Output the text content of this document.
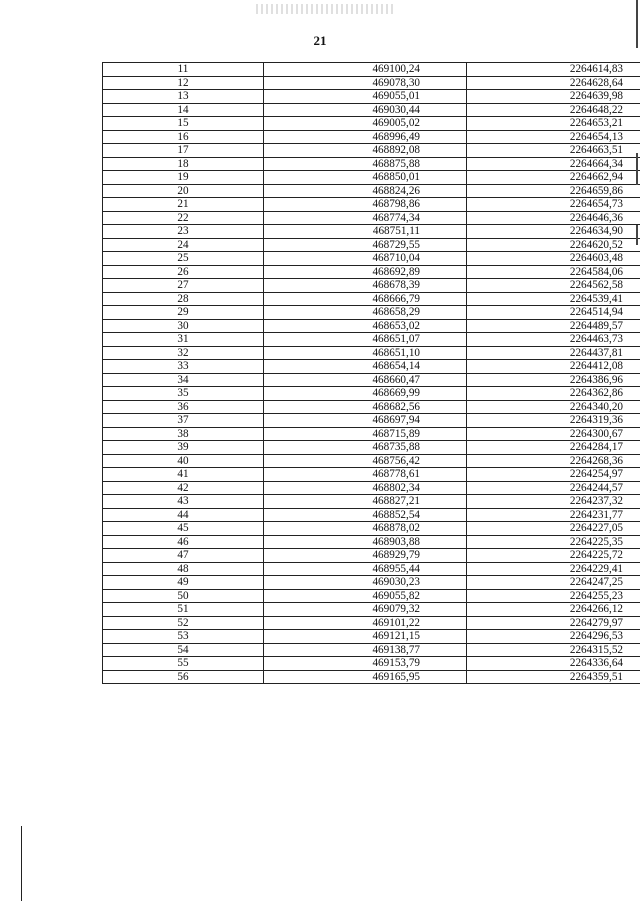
21
11	469100,24	2264614,83
12	469078,30	2264628,64
13	469055,01	2264639,98
14	469030,44	2264648,22
15	469005,02	2264653,21
16	468996,49	2264654,13
17	468892,08	2264663,51
18	468875,88	2264664,34
19	468850,01	2264662,94
20	468824,26	2264659,86
21	468798,86	2264654,73
22	468774,34	2264646,36
23	468751,11	2264634,90
24	468729,55	2264620,52
25	468710,04	2264603,48
26	468692,89	2264584,06
27	468678,39	2264562,58
28	468666,79	2264539,41
29	468658,29	2264514,94
30	468653,02	2264489,57
31	468651,07	2264463,73
32	468651,10	2264437,81
33	468654,14	2264412,08
34	468660,47	2264386,96
35	468669,99	2264362,86
36	468682,56	2264340,20
37	468697,94	2264319,36
38	468715,89	2264300,67
39	468735,88	2264284,17
40	468756,42	2264268,36
41	468778,61	2264254,97
42	468802,34	2264244,57
43	468827,21	2264237,32
44	468852,54	2264231,77
45	468878,02	2264227,05
46	468903,88	2264225,35
47	468929,79	2264225,72
48	468955,44	2264229,41
49	469030,23	2264247,25
50	469055,82	2264255,23
51	469079,32	2264266,12
52	469101,22	2264279,97
53	469121,15	2264296,53
54	469138,77	2264315,52
55	469153,79	2264336,64
56	469165,95	2264359,51
